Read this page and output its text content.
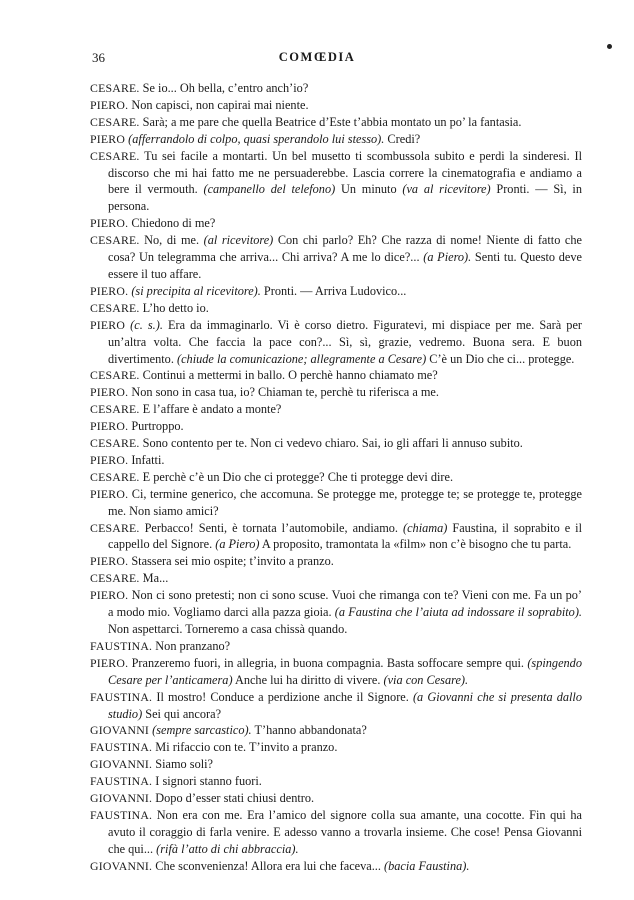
36	COMŒDIA

CESARE. Se io... Oh bella, c’entro anch’io?

PIERO. Non capisci, non capirai mai niente.

CESARE. Sarà; a me pare che quella Beatrice d’Este t’abbia montato un po’ la fantasia.

PIERO (afferrandolo di colpo, quasi sperandolo lui stesso). Credi?

CESARE. Tu sei facile a montarti. Un bel musetto ti scombussola subito e perdi la sinderesi. Il discorso che mi hai fatto me ne persuaderebbe. Lascia correre la cinematografia e andiamo a bere il vermouth. (campanello del telefono) Un minuto (va al ricevitore) Pronti. — Sì, in persona.

PIERO. Chiedono di me?

CESARE. No, di me. (al ricevitore) Con chi parlo? Eh? Che razza di nome! Niente di fatto che cosa? Un telegramma che arriva... Chi arriva? A me lo dice?... (a Piero). Senti tu. Questo deve essere il tuo affare.

PIERO. (si precipita al ricevitore). Pronti. — Arriva Ludovico...

CESARE. L’ho detto io.

PIERO (c. s.). Era da immaginarlo. Vi è corso dietro. Figuratevi, mi dispiace per me. Sarà per un’altra volta. Che faccia la pace con?... Sì, sì, grazie, vedremo. Buona sera. E buon divertimento. (chiude la comunicazione; allegramente a Cesare) C’è un Dio che ci... protegge.

CESARE. Continui a mettermi in ballo. O perchè hanno chiamato me?

PIERO. Non sono in casa tua, io? Chiaman te, perchè tu riferisca a me.

CESARE. E l’affare è andato a monte?

PIERO. Purtroppo.

CESARE. Sono contento per te. Non ci vedevo chiaro. Sai, io gli affari li annuso subito.

PIERO. Infatti.

CESARE. E perchè c’è un Dio che ci protegge? Che ti protegge devi dire.

PIERO. Ci, termine generico, che accomuna. Se protegge me, protegge te; se protegge te, protegge me. Non siamo amici?

CESARE. Perbacco! Senti, è tornata l’automobile, andiamo. (chiama) Faustina, il soprabito e il cappello del Signore. (a Piero) A proposito, tramontata la «film» non c’è bisogno che tu parta.

PIERO. Stassera sei mio ospite; t’invito a pranzo.

CESARE. Ma...

PIERO. Non ci sono pretesti; non ci sono scuse. Vuoi che rimanga con te? Vieni con me. Fa un po’ a modo mio. Vogliamo darci alla pazza gioia. (a Faustina che l’aiuta ad indossare il soprabito). Non aspettarci. Torneremo a casa chissà quando.

FAUSTINA. Non pranzano?

PIERO. Pranzeremo fuori, in allegria, in buona compagnia. Basta soffocare sempre qui. (spingendo Cesare per l’anticamera) Anche lui ha diritto di vivere. (via con Cesare).

FAUSTINA. Il mostro! Conduce a perdizione anche il Signore. (a Giovanni che si presenta dallo studio) Sei qui ancora?

GIOVANNI (sempre sarcastico). T’hanno abbandonata?

FAUSTINA. Mi rifaccio con te. T’invito a pranzo.

GIOVANNI. Siamo soli?

FAUSTINA. I signori stanno fuori.

GIOVANNI. Dopo d’esser stati chiusi dentro.

FAUSTINA. Non era con me. Era l’amico del signore colla sua amante, una cocotte. Fin qui ha avuto il coraggio di farla venire. E adesso vanno a trovarla insieme. Che cose! Pensa Giovanni che qui... (rifà l’atto di chi abbraccia).

GIOVANNI. Che sconvenienza! Allora era lui che faceva... (bacia Faustina).
